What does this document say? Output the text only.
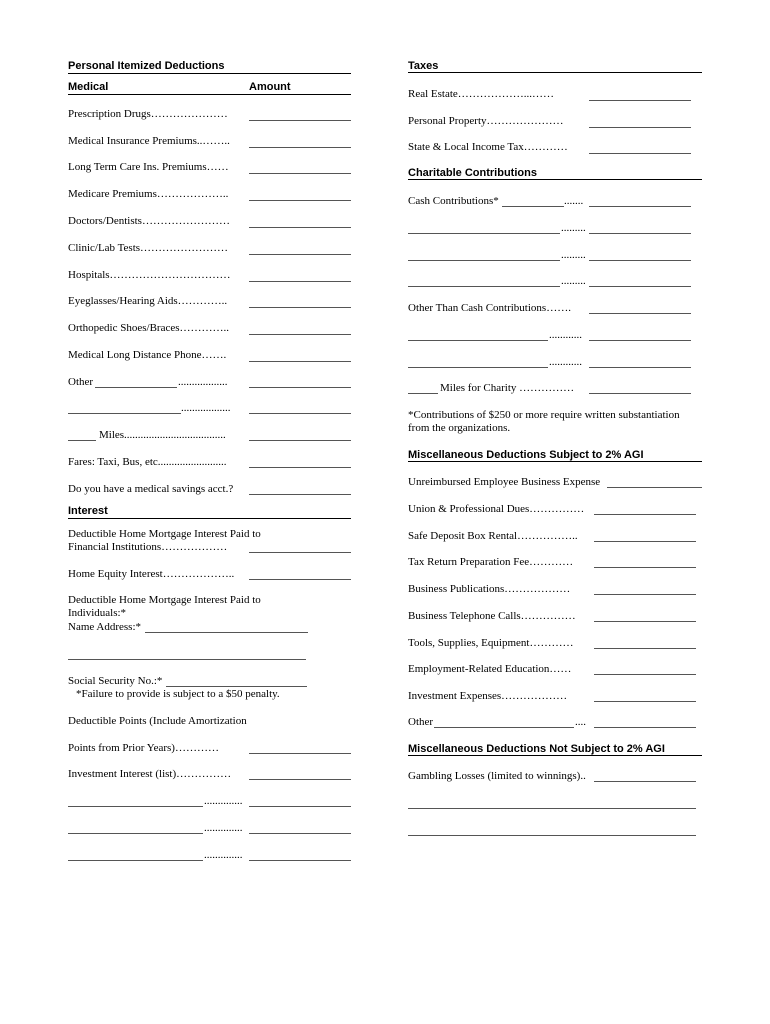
Personal Itemized Deductions
Medical	Amount
Prescription Drugs…………………
Medical Insurance Premiums..……..
Long Term Care Ins. Premiums……
Medicare Premiums………………..
Doctors/Dentists……………………
Clinic/Lab Tests……………………
Hospitals……………………………
Eyeglasses/Hearing Aids…………..
Orthopedic Shoes/Braces…………..
Medical Long Distance Phone…….
Other	..................
..................
Miles.....................................
Fares: Taxi, Bus, etc.........................
Do you have a medical savings acct.?
Interest
Deductible Home Mortgage Interest Paid to
Financial Institutions………………
Home Equity Interest………………..
Deductible Home Mortgage Interest Paid to
Individuals:*
Name Address:*
Social Security No.:*
*Failure to provide is subject to a $50 penalty.
Deductible Points (Include Amortization
Points from Prior Years)…………
Investment Interest (list)……………
..............
..............
..............
Taxes
Real Estate………………...……
Personal Property…………………
State & Local Income Tax…………
Charitable Contributions
Cash Contributions*	.......
.........
.........
.........
Other Than Cash Contributions…….
............
............
Miles for Charity ……………
*Contributions of $250 or more require written substantiation
from the organizations.
Miscellaneous Deductions Subject to 2% AGI
Unreimbursed Employee Business Expense
Union & Professional Dues……………
Safe Deposit Box Rental……………..
Tax Return Preparation Fee…………
Business Publications………………
Business Telephone Calls……………
Tools, Supplies, Equipment…………
Employment-Related Education……
Investment Expenses………………
Other	....
Miscellaneous Deductions Not Subject to 2% AGI
Gambling Losses (limited to winnings)..
